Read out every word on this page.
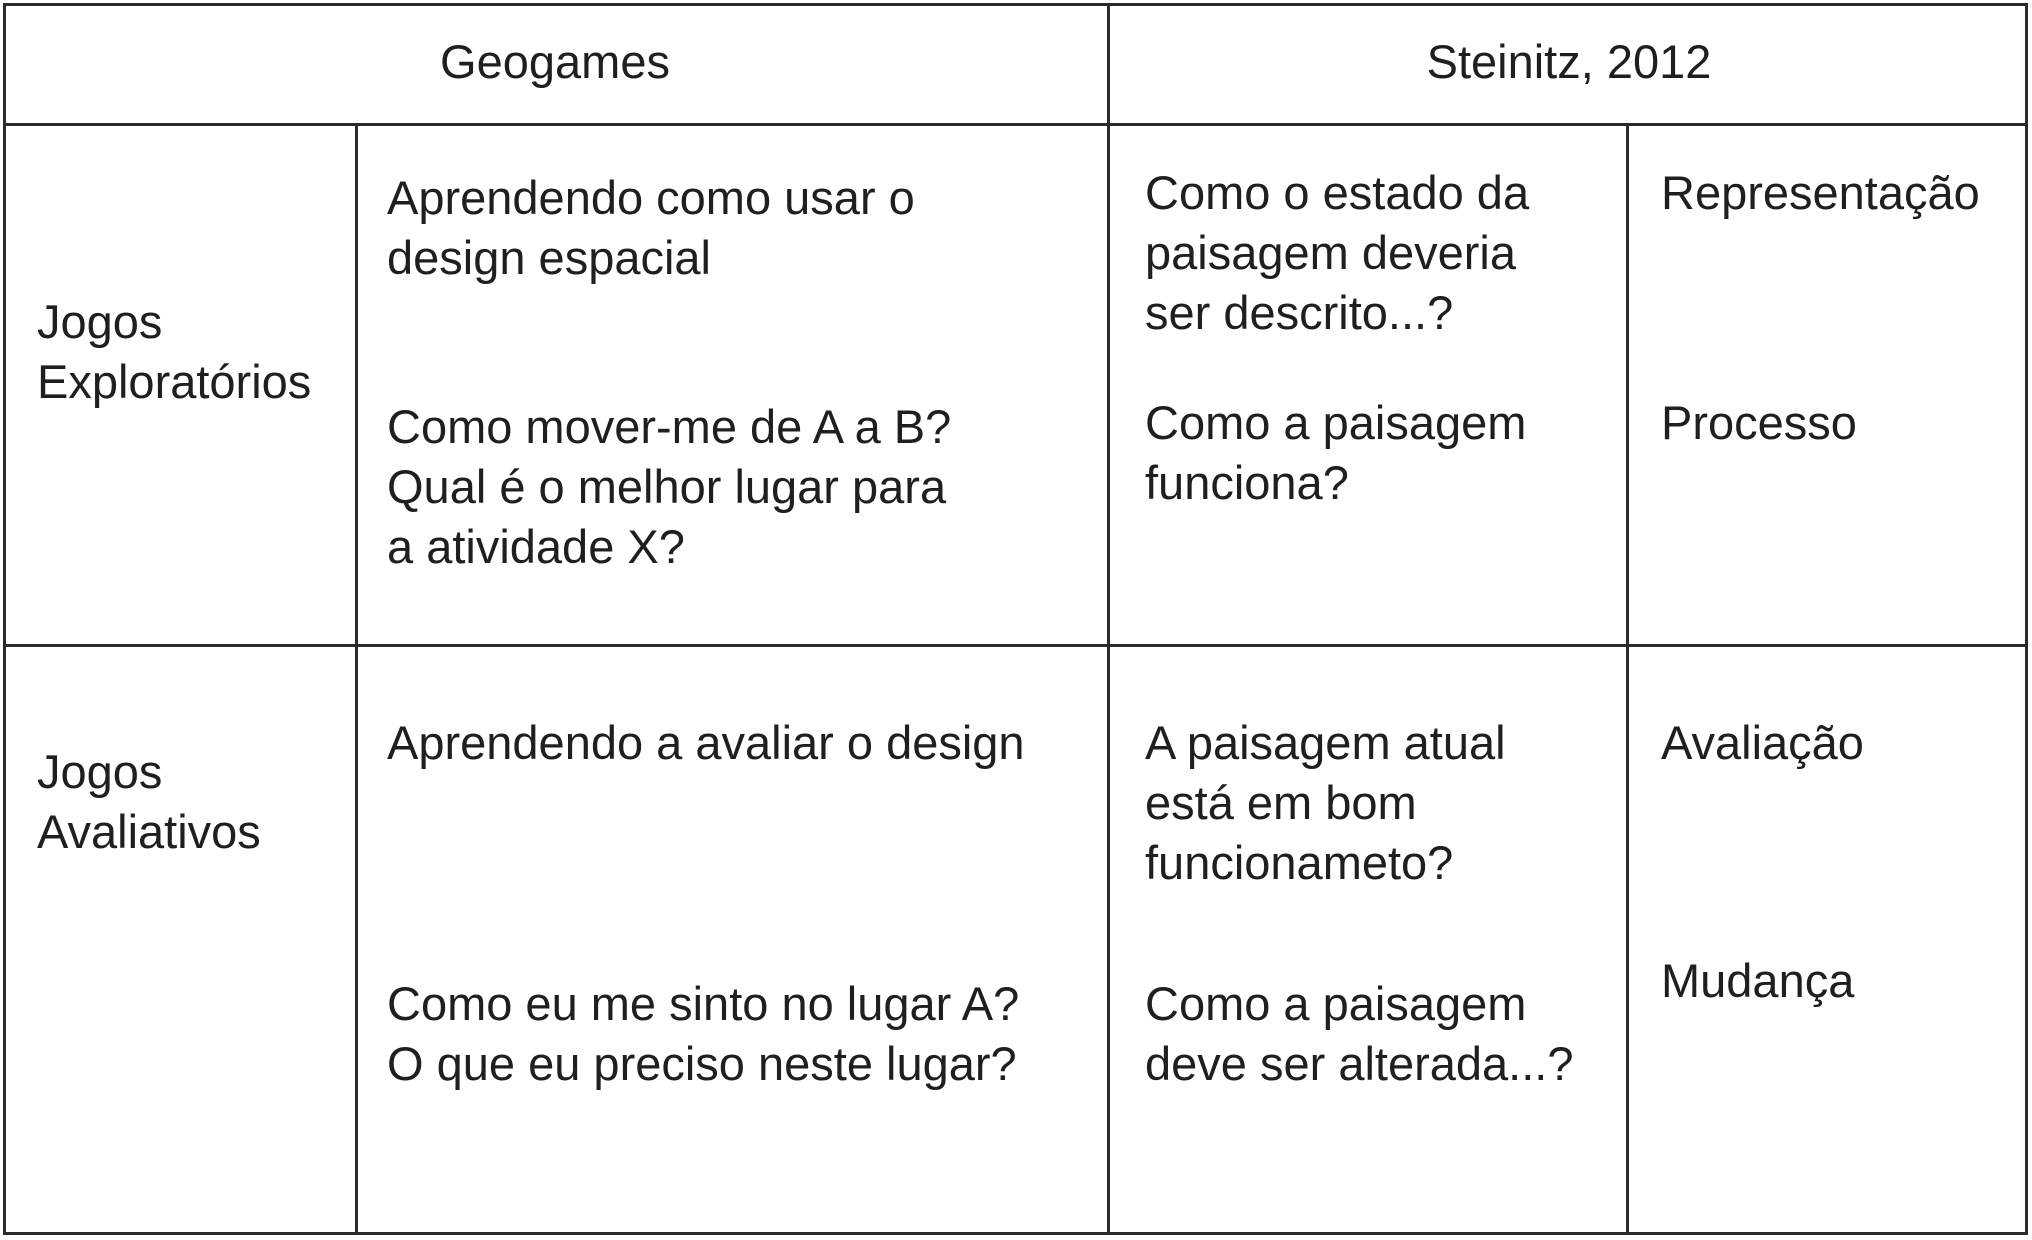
Geogames	Steinitz, 2012
Jogos
Exploratórios
Aprendendo como usar o
design espacial
Como mover-me de A a B?
Qual é o melhor lugar para
a atividade X?
Como o estado da
paisagem deveria
ser descrito...?
Como a paisagem
funciona?
Representação
Processo
Jogos
Avaliativos
Aprendendo a avaliar o design
Como eu me sinto no lugar A?
O que eu preciso neste lugar?
A paisagem atual
está em bom
funcionameto?
Como a paisagem
deve ser alterada...?
Avaliação
Mudança
